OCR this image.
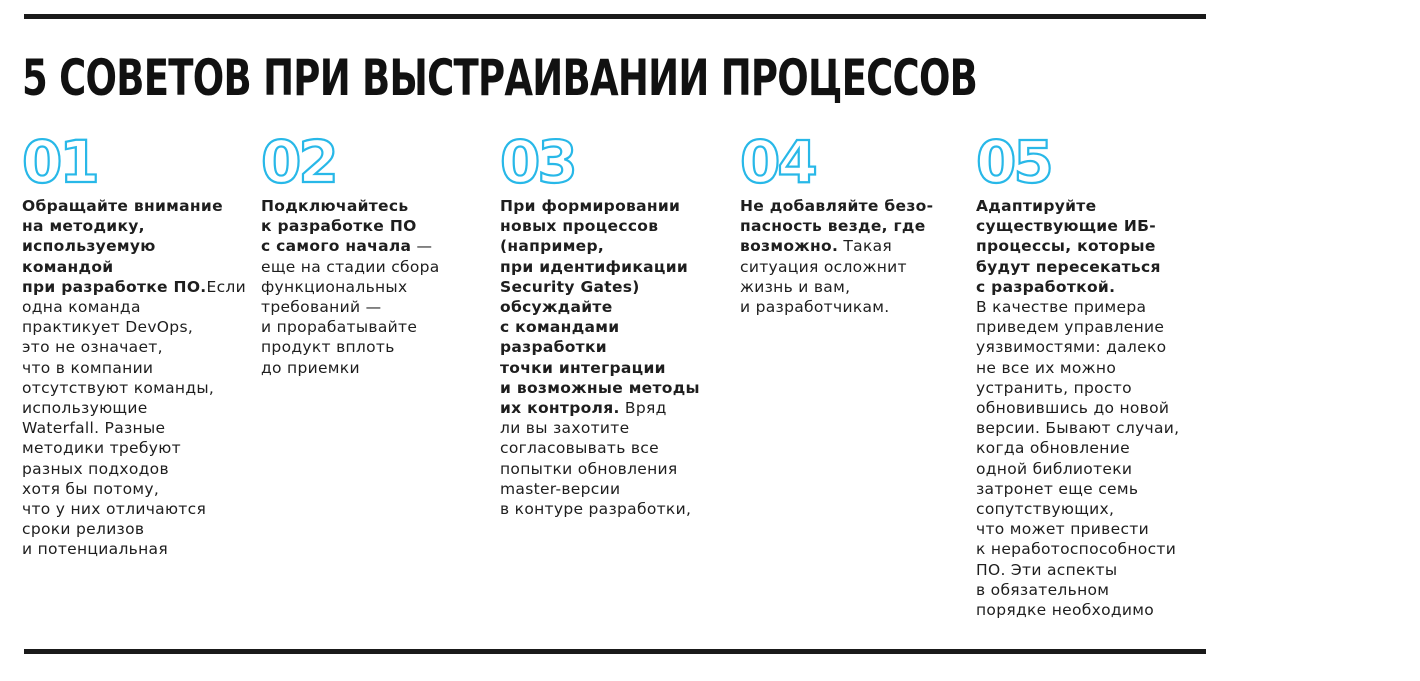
5 СОВЕТОВ ПРИ ВЫСТРАИВАНИИ ПРОЦЕССОВ
01
Обращайте внимание
на методику,
используемую
командой
при разработке ПО.Если одна команда
практикует DevOps,
это не означает,
что в компании
отсутствуют команды,
использующие
Waterfall. Разные
методики требуют
разных подходов
хотя бы потому,
что у них отличаются
сроки релизов
и потенциальная
02
Подключайтесь
к разработке ПО
с самого начала —
еще на стадии сбора
функциональных
требований —
и прорабатывайте
продукт вплоть
до приемки
03
При формировании
новых процессов
(например,
при идентификации
Security Gates)
обсуждайте
с командами
разработки
точки интеграции
и возможные методы
их контроля. Вряд
ли вы захотите
согласовывать все
попытки обновления
master-версии
в контуре разработки,
04
Не добавляйте безо-
пасность везде, где
возможно. Такая
ситуация осложнит
жизнь и вам,
и разработчикам.
05
Адаптируйте
существующие ИБ-
процессы, которые
будут пересекаться
с разработкой.
В качестве примера
приведем управление
уязвимостями: далеко
не все их можно
устранить, просто
обновившись до новой
версии. Бывают случаи,
когда обновление
одной библиотеки
затронет еще семь
сопутствующих,
что может привести
к неработоспособности
ПО. Эти аспекты
в обязательном
порядке необходимо
